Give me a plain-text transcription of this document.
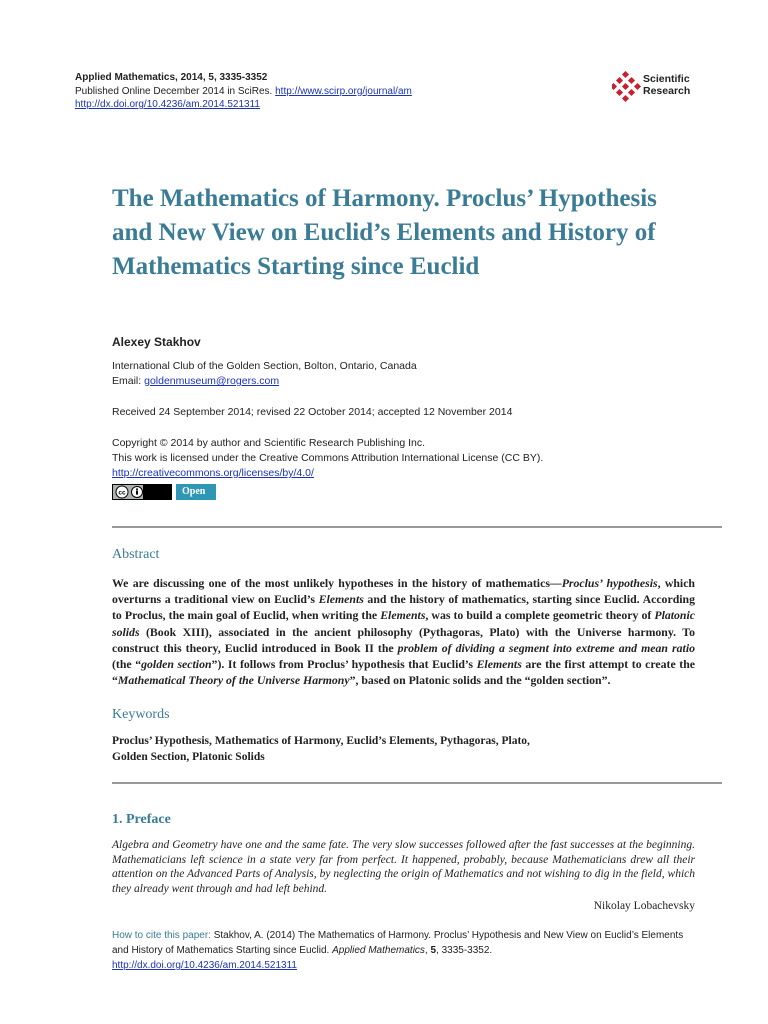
Applied Mathematics, 2014, 5, 3335-3352
Published Online December 2014 in SciRes. http://www.scirp.org/journal/am
http://dx.doi.org/10.4236/am.2014.521311
Scientific
Research
The Mathematics of Harmony. Proclus’ Hypothesis and New View on Euclid’s Elements and History of Mathematics Starting since Euclid
Alexey Stakhov
International Club of the Golden Section, Bolton, Ontario, Canada
Email: goldenmuseum@rogers.com
Received 24 September 2014; revised 22 October 2014; accepted 12 November 2014
Copyright © 2014 by author and Scientific Research Publishing Inc.
This work is licensed under the Creative Commons Attribution International License (CC BY).
http://creativecommons.org/licenses/by/4.0/
cc	Open Access
Abstract
We are discussing one of the most unlikely hypotheses in the history of mathematics—Proclus’ hypothesis, which overturns a traditional view on Euclid’s Elements and the history of mathematics, starting since Euclid. According to Proclus, the main goal of Euclid, when writing the Elements, was to build a complete geometric theory of Platonic solids (Book XIII), associated in the ancient philosophy (Pythagoras, Plato) with the Universe harmony. To construct this theory, Euclid introduced in Book II the problem of dividing a segment into extreme and mean ratio (the “golden section”). It follows from Proclus’ hypothesis that Euclid’s Elements are the first attempt to create the “Mathematical Theory of the Universe Harmony”, based on Platonic solids and the “golden section”.
Keywords
Proclus’ Hypothesis, Mathematics of Harmony, Euclid’s Elements, Pythagoras, Plato,
Golden Section, Platonic Solids
1. Preface
Algebra and Geometry have one and the same fate. The very slow successes followed after the fast successes at the beginning. Mathematicians left science in a state very far from perfect. It happened, probably, because Mathematicians drew all their attention on the Advanced Parts of Analysis, by neglecting the origin of Mathematics and not wishing to dig in the field, which they already went through and had left behind.
Nikolay Lobachevsky
How to cite this paper: Stakhov, A. (2014) The Mathematics of Harmony. Proclus’ Hypothesis and New View on Euclid’s Elements and History of Mathematics Starting since Euclid. Applied Mathematics, 5, 3335-3352.
http://dx.doi.org/10.4236/am.2014.521311
